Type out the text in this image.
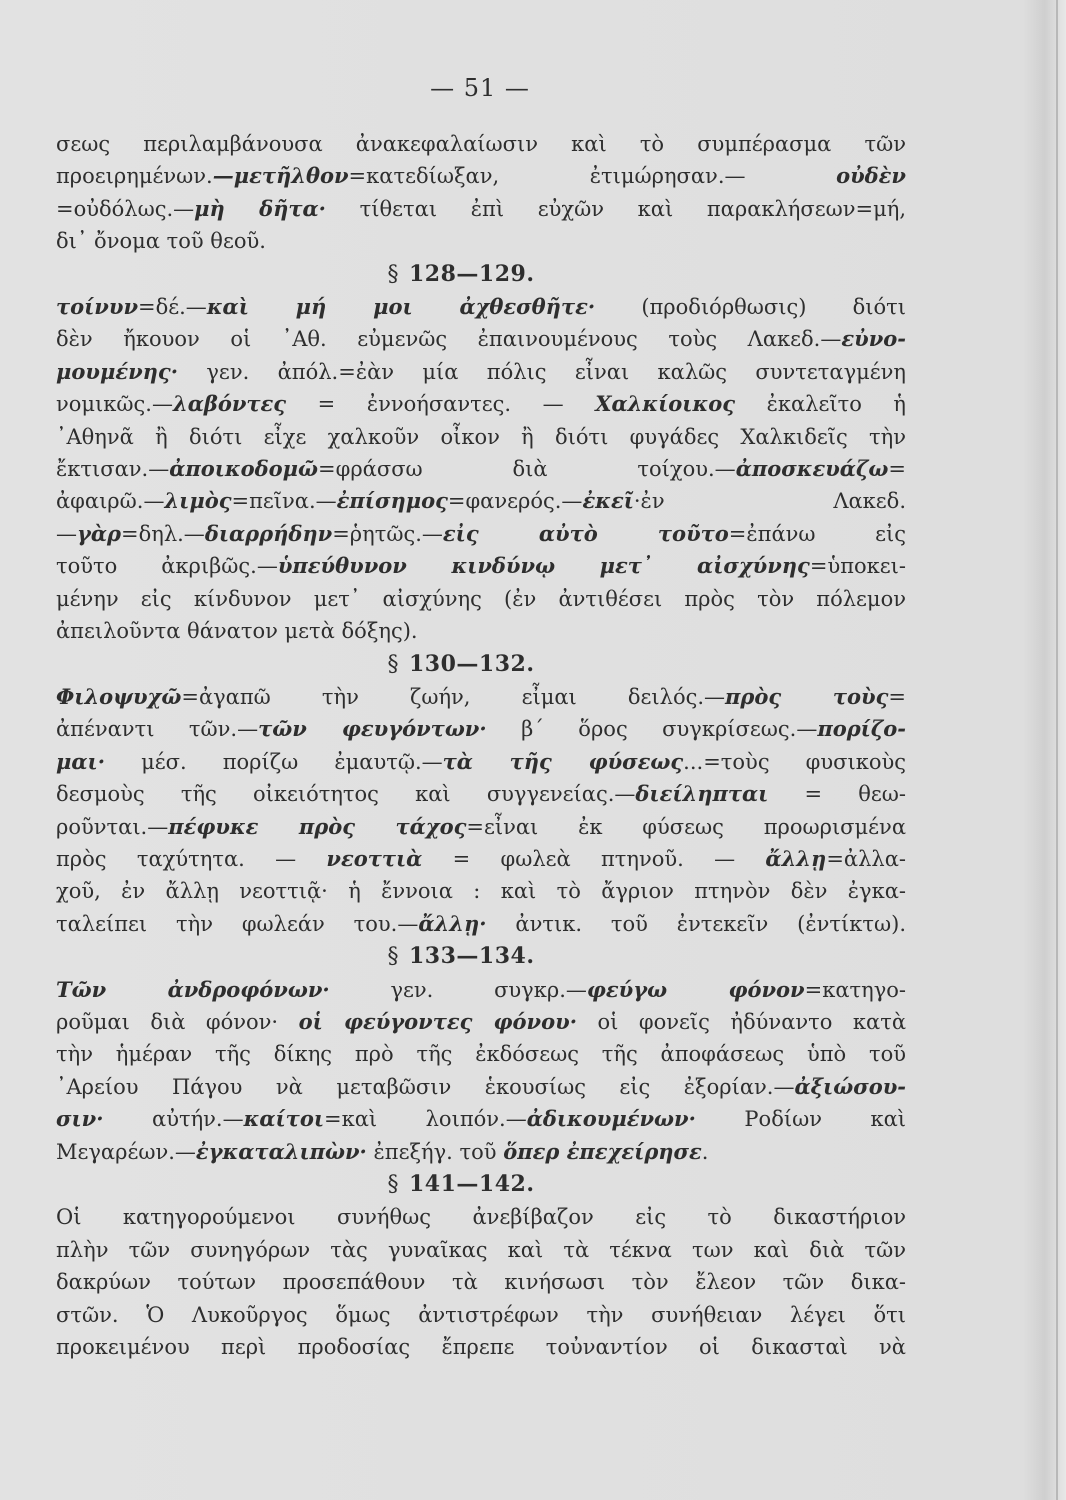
— 51 —
σεως περιλαμβάνουσα ἀνακεφαλαίωσιν καὶ τὸ συμπέρασμα τῶν
προειρημένων.—μετῆλθον=κατεδίωξαν, ἐτιμώρησαν.— οὐδὲν
=οὐδόλως.—μὴ δῆτα· τίθεται ἐπὶ εὐχῶν καὶ παρακλήσεων=μή,
δι᾽ ὄνομα τοῦ θεοῦ.
§ 128—129.
τοίνυν=δέ.—καὶ μή μοι ἀχθεσθῆτε· (προδιόρθωσις) διότι
δὲν ἤκουον οἱ ᾽Αθ. εὐμενῶς ἐπαινουμένους τοὺς Λακεδ.—εὐνο-
μουμένης· γεν. ἀπόλ.=ἐὰν μία πόλις εἶναι καλῶς συντεταγμένη
νομικῶς.—λαβόντες = ἐννοήσαντες. — Χαλκίοικος ἐκαλεῖτο ἡ
᾽Αθηνᾶ ἢ διότι εἶχε χαλκοῦν οἶκον ἢ διότι φυγάδες Χαλκιδεῖς τὴν
ἔκτισαν.—ἀποικοδομῶ=φράσσω διὰ τοίχου.—ἀποσκευάζω=
ἀφαιρῶ.—λιμὸς=πεῖνα.—ἐπίσημος=φανερός.—ἐκεῖ·ἐν Λακεδ.
—γὰρ=δηλ.—διαρρήδην=ῥητῶς.—εἰς αὐτὸ τοῦτο=ἐπάνω εἰς
τοῦτο ἀκριβῶς.—ὑπεύθυνον κινδύνῳ μετ᾽ αἰσχύνης=ὑποκει-
μένην εἰς κίνδυνον μετ᾽ αἰσχύνης (ἐν ἀντιθέσει πρὸς τὸν πόλεμον
ἀπειλοῦντα θάνατον μετὰ δόξης).
§ 130—132.
Φιλοψυχῶ=ἀγαπῶ τὴν ζωήν, εἶμαι δειλός.—πρὸς τοὺς=
ἀπέναντι τῶν.—τῶν φευγόντων· β´ ὅρος συγκρίσεως.—πορίζο-
μαι· μέσ. πορίζω ἐμαυτῷ.—τὰ τῆς φύσεως...=τοὺς φυσικοὺς
δεσμοὺς τῆς οἰκειότητος καὶ συγγενείας.—διείληπται = θεω-
ροῦνται.—πέφυκε πρὸς τάχος=εἶναι ἐκ φύσεως προωρισμένα
πρὸς ταχύτητα. — νεοττιὰ = φωλεὰ πτηνοῦ. — ἄλλῃ=ἀλλα-
χοῦ, ἐν ἄλλῃ νεοττιᾷ· ἡ ἔννοια : καὶ τὸ ἄγριον πτηνὸν δὲν ἐγκα-
ταλείπει τὴν φωλεάν του.—ἄλλῃ· ἀντικ. τοῦ ἐντεκεῖν (ἐντίκτω).
§ 133—134.
Τῶν ἀνδροφόνων· γεν. συγκρ.—φεύγω φόνον=κατηγο-
ροῦμαι διὰ φόνον· οἱ φεύγοντες φόνου· οἱ φονεῖς ἠδύναντο κατὰ
τὴν ἡμέραν τῆς δίκης πρὸ τῆς ἐκδόσεως τῆς ἀποφάσεως ὑπὸ τοῦ
᾽Αρείου Πάγου νὰ μεταβῶσιν ἑκουσίως εἰς ἐξορίαν.—ἀξιώσου-
σιν· αὐτήν.—καίτοι=καὶ λοιπόν.—ἀδικουμένων· Ροδίων καὶ
Μεγαρέων.—ἐγκαταλιπὼν· ἐπεξήγ. τοῦ ὅπερ ἐπεχείρησε.
§ 141—142.
Οἱ κατηγορούμενοι συνήθως ἀνεβίβαζον εἰς τὸ δικαστήριον
πλὴν τῶν συνηγόρων τὰς γυναῖκας καὶ τὰ τέκνα των καὶ διὰ τῶν
δακρύων τούτων προσεπάθουν τὰ κινήσωσι τὸν ἔλεον τῶν δικα-
στῶν. Ὁ Λυκοῦργος ὅμως ἀντιστρέφων τὴν συνήθειαν λέγει ὅτι
προκειμένου περὶ προδοσίας ἔπρεπε τοὐναντίον οἱ δικασταὶ νὰ
